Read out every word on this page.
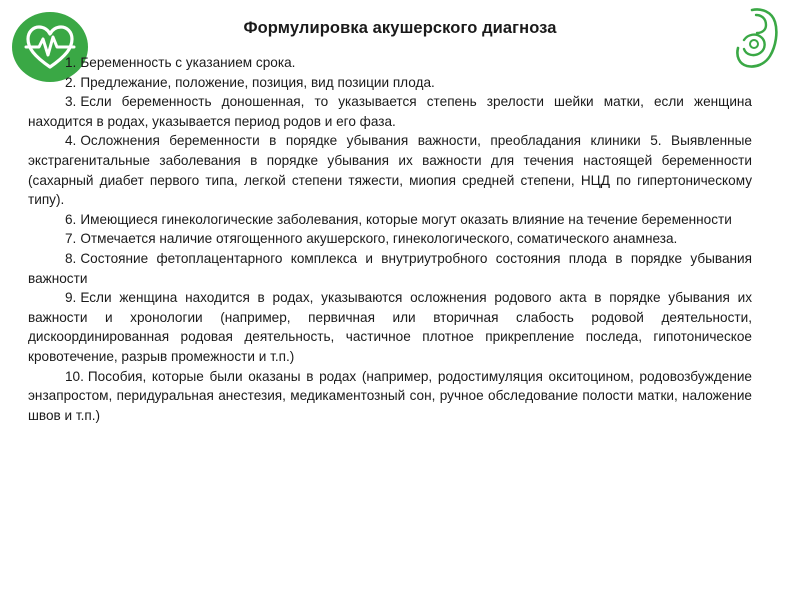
Формулировка акушерского диагноза

1. Беременность с указанием срока.

2. Предлежание, положение, позиция, вид позиции плода.

3. Если беременность доношенная, то указывается степень зрелости шейки матки, если женщина находится в родах, указывается период родов и его фаза.

4. Осложнения беременности в порядке убывания важности, преобладания клиники 5. Выявленные экстрагенитальные заболевания в порядке убывания их важности для течения настоящей беременности (сахарный диабет первого типа, легкой степени тяжести, миопия средней степени, НЦД по гипертоническому типу).

6. Имеющиеся гинекологические заболевания, которые могут оказать влияние на течение беременности

7. Отмечается наличие отягощенного акушерского, гинекологического, соматического анамнеза.

8. Состояние фетоплацентарного комплекса и внутриутробного состояния плода в порядке убывания важности

9. Если женщина находится в родах, указываются осложнения родового акта в порядке убывания их важности и хронологии (например, первичная или вторичная слабость родовой деятельности, дискоординированная родовая деятельность, частичное плотное прикрепление последа, гипотоническое кровотечение, разрыв промежности и т.п.)

10. Пособия, которые были оказаны в родах (например, родостимуляция окситоцином, родовозбуждение энзапростом, перидуральная анестезия, медикаментозный сон, ручное обследование полости матки, наложение швов и т.п.)
